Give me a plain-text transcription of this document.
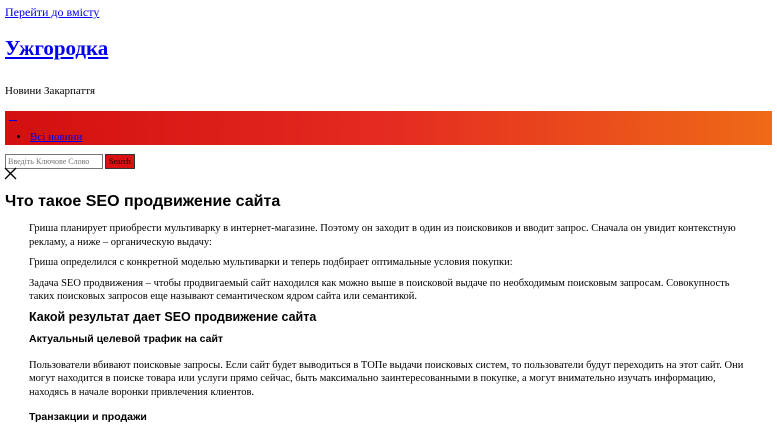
Перейти до вмісту
Ужгородка

Новини Закарпаття

• Всі новини
Введіть Ключове Слово
Search
Что такое SEO продвижение сайта

Гриша планирует приобрести мультиварку в интернет-магазине. Поэтому он заходит в один из поисковиков и вводит запрос. Сначала он увидит контекстную рекламу, а ниже – органическую выдачу:

Гриша определился с конкретной моделью мультиварки и теперь подбирает оптимальные условия покупки:

Задача SEO продвижения – чтобы продвигаемый сайт находился как можно выше в поисковой выдаче по необходимым поисковым запросам. Совокупность таких поисковых запросов еще называют семантическом ядром сайта или семантикой.

Какой результат дает SEO продвижение сайта
Актуальный целевой трафик на сайт

Пользователи вбивают поисковые запросы. Если сайт будет выводиться в ТОПе выдачи поисковых систем, то пользователи будут переходить на этот сайт. Они могут находится в поиске товара или услуги прямо сейчас, быть максимально заинтересованными в покупке, а могут внимательно изучать информацию, находясь в начале воронки привлечения клиентов.

Транзакции и продажи
